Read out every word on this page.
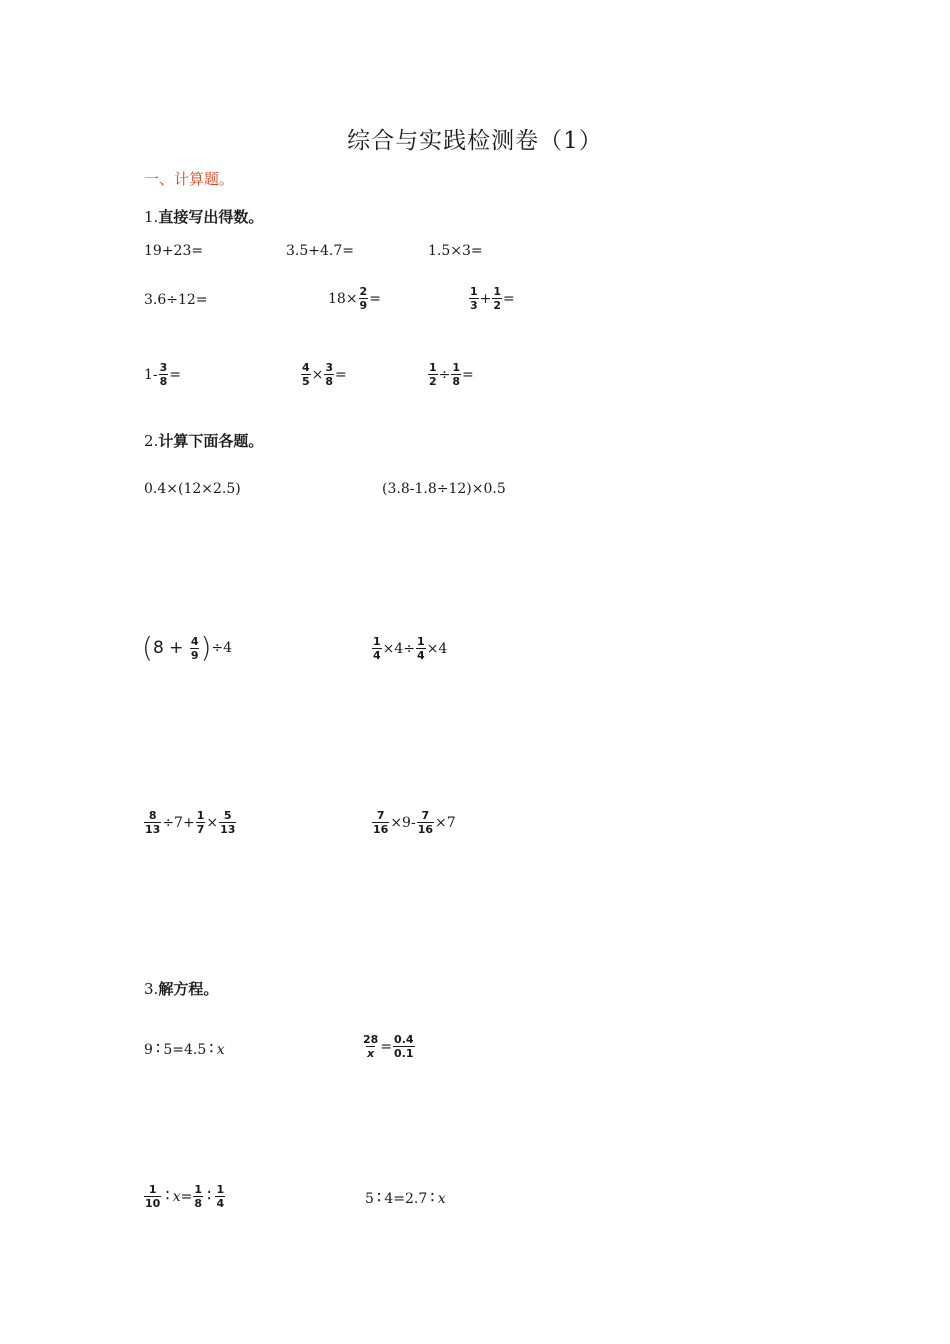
综合与实践检测卷（1）
一、计算题。
1.直接写出得数。
19+23=	3.5+4.7=	1.5×3=
3.6÷12=	$18\times \frac{2}{9}$ =	$\frac{1}{3} + \frac{1}{2}$ =
$1- \frac{3}{8}$ =	$\frac{4}{5} \times \frac{3}{8}$ =	$\frac{1}{2} \div \frac{1}{8}$ =
2.计算下面各题。
0.4×(12×2.5)	(3.8-1.8÷12)×0.5
( $8 + \frac{4}{9}$ ) ÷4	$\frac{1}{4} \times 4\div \frac{1}{4} \times 4$
$\frac{8}{13} \div 7+ \frac{1}{7} \times \frac{5}{13}$	$\frac{7}{16} \times 9- \frac{7}{16} \times 7$
3.解方程。
9 ∶ 5=4.5 ∶ x	$\frac{28}{x} = \frac{0.4}{0.1}$
$\frac{1}{10}$ ∶ $x = \frac{1}{8}$ ∶ $\frac{1}{4}$	5 ∶ 4=2.7 ∶ x
